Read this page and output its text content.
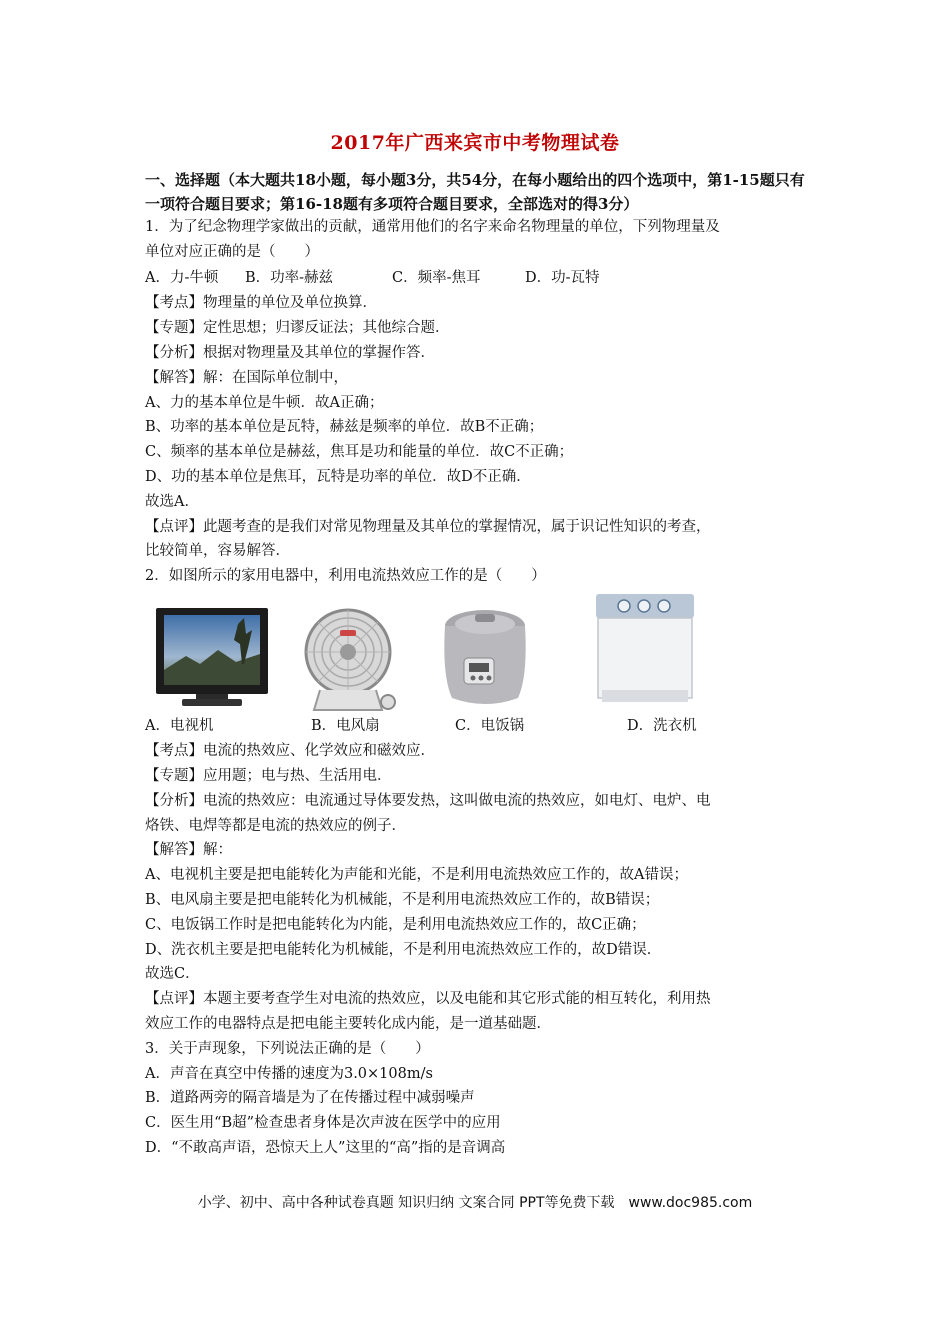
2017年广西来宾市中考物理试卷
一、选择题（本大题共18小题，每小题3分，共54分，在每小题给出的四个选项中，第1-15题只有一项符合题目要求；第16-18题有多项符合题目要求，全部选对的得3分）
1．为了纪念物理学家做出的贡献，通常用他们的名字来命名物理量的单位，下列物理量及
单位对应正确的是（　　）
A．力-牛顿 B．功率-赫兹	C．频率-焦耳	D．功-瓦特
【考点】物理量的单位及单位换算．
【专题】定性思想；归谬反证法；其他综合题．
【分析】根据对物理量及其单位的掌握作答．
【解答】解：在国际单位制中，
A、力的基本单位是牛顿．故A正确；
B、功率的基本单位是瓦特，赫兹是频率的单位．故B不正确；
C、频率的基本单位是赫兹，焦耳是功和能量的单位．故C不正确；
D、功的基本单位是焦耳，瓦特是功率的单位．故D不正确．
故选A．
【点评】此题考查的是我们对常见物理量及其单位的掌握情况，属于识记性知识的考查，
比较简单，容易解答．
2．如图所示的家用电器中，利用电流热效应工作的是（　　）
A．电视机	B．电风扇	C．电饭锅	D．洗衣机
【考点】电流的热效应、化学效应和磁效应．
【专题】应用题；电与热、生活用电．
【分析】电流的热效应：电流通过导体要发热，这叫做电流的热效应，如电灯、电炉、电
烙铁、电焊等都是电流的热效应的例子．
【解答】解：
A、电视机主要是把电能转化为声能和光能，不是利用电流热效应工作的，故A错误；
B、电风扇主要是把电能转化为机械能，不是利用电流热效应工作的，故B错误；
C、电饭锅工作时是把电能转化为内能，是利用电流热效应工作的，故C正确；
D、洗衣机主要是把电能转化为机械能，不是利用电流热效应工作的，故D错误．
故选C．
【点评】本题主要考查学生对电流的热效应，以及电能和其它形式能的相互转化，利用热
效应工作的电器特点是把电能主要转化成内能，是一道基础题．
3．关于声现象，下列说法正确的是（　　）
A．声音在真空中传播的速度为3.0×108m/s
B．道路两旁的隔音墙是为了在传播过程中减弱噪声
C．医生用“B超”检查患者身体是次声波在医学中的应用
D．“不敢高声语，恐惊天上人”这里的“高”指的是音调高
小学、初中、高中各种试卷真题 知识归纳 文案合同 PPT等免费下载　www.doc985.com
